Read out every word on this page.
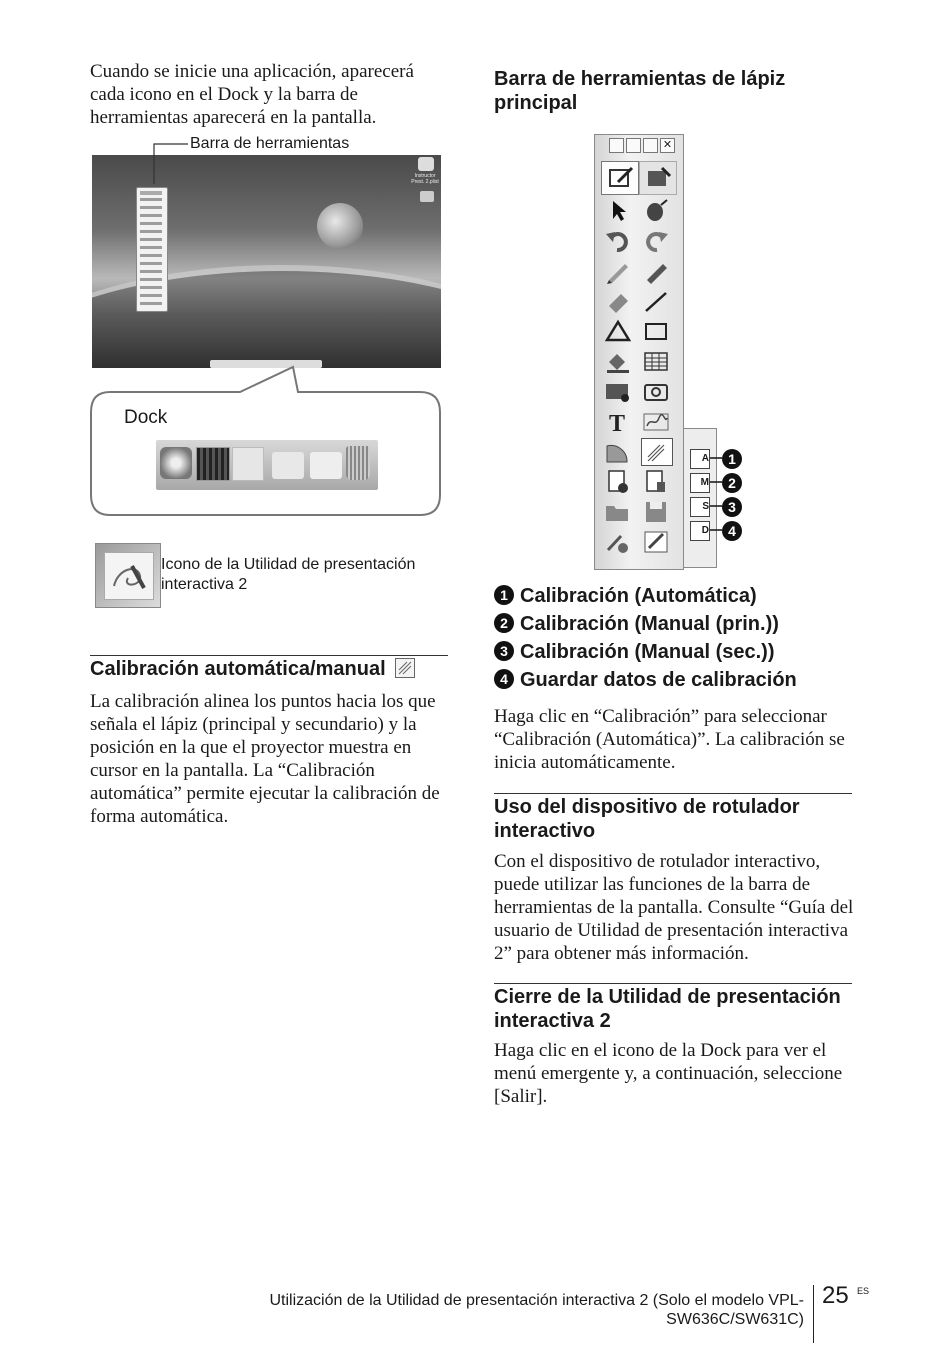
Cuando se inicie una aplicación, aparecerá cada icono en el Dock y la barra de herramientas aparecerá en la pantalla.
Instructor
Prest. 2.plist
Barra de herramientas
Dock
Icono de la Utilidad de presentación interactiva 2
Calibración automática/manual
La calibración alinea los puntos hacia los que señala el lápiz (principal y secundario) y la posición en la que el proyector muestra en cursor en la pantalla. La “Calibración automática” permite ejecutar la calibración de forma automática.
Barra de herramientas de lápiz principal
✕
T
A
M
S
D
1
2
3
4
1 Calibración (Automática)
2 Calibración (Manual (prin.))
3 Calibración (Manual (sec.))
4 Guardar datos de calibración
Haga clic en “Calibración” para seleccionar “Calibración (Automática)”. La calibración se inicia automáticamente.
Uso del dispositivo de rotulador interactivo
Con el dispositivo de rotulador interactivo, puede utilizar las funciones de la barra de herramientas de la pantalla. Consulte “Guía del usuario de Utilidad de presentación interactiva 2” para obtener más información.
Cierre de la Utilidad de presentación interactiva 2
Haga clic en el icono de la Dock para ver el menú emergente y, a continuación, seleccione [Salir].
Utilización de la Utilidad de presentación interactiva 2 (Solo el modelo VPL-
SW636C/SW631C)
25 ES
